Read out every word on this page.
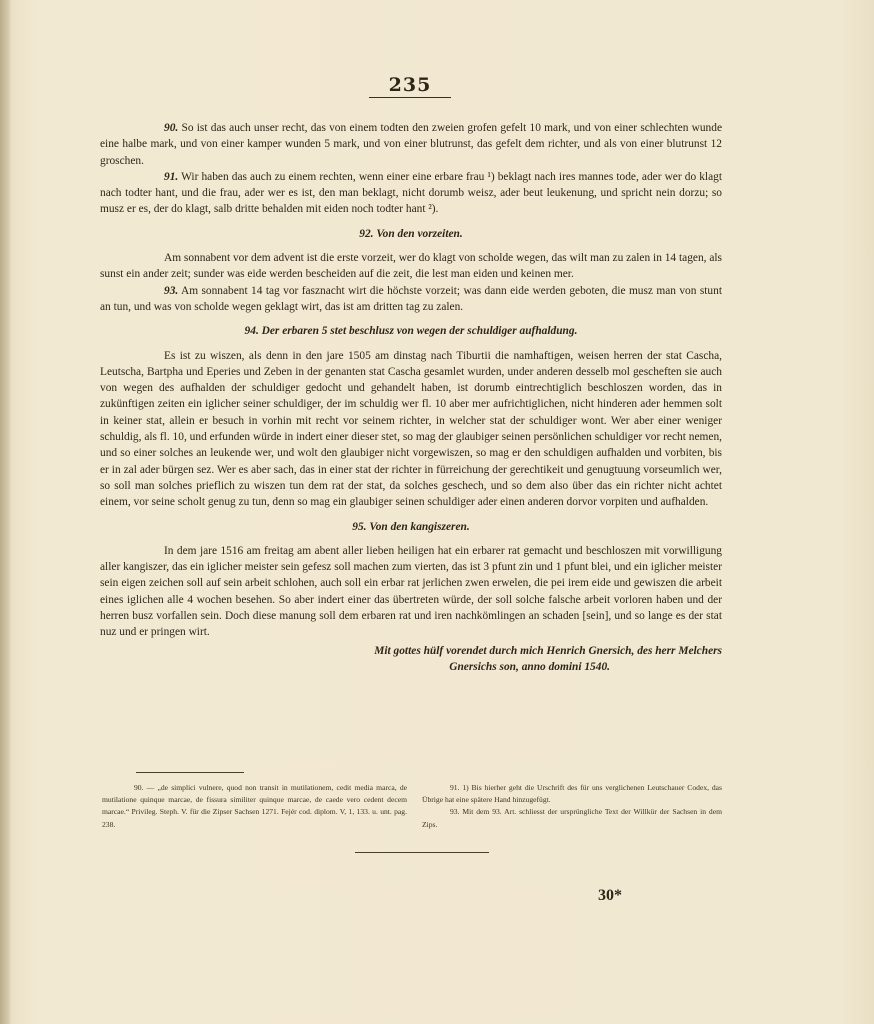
235

90. So ist das auch unser recht, das von einem todten den zweien grofen gefelt 10 mark, und von einer schlechten wunde eine halbe mark, und von einer kamper wunden 5 mark, und von einer blutrunst, das gefelt dem richter, und als von einer blutrunst 12 groschen.

91. Wir haben das auch zu einem rechten, wenn einer eine erbare frau ¹) beklagt nach ires mannes tode, ader wer do klagt nach todter hant, und die frau, ader wer es ist, den man beklagt, nicht dorumb weisz, ader beut leukenung, und spricht nein dorzu; so musz er es, der do klagt, salb dritte behalden mit eiden noch todter hant ²).

92. Von den vorzeiten.

Am sonnabent vor dem advent ist die erste vorzeit, wer do klagt von scholde wegen, das wilt man zu zalen in 14 tagen, als sunst ein ander zeit; sunder was eide werden bescheiden auf die zeit, die lest man eiden und keinen mer.

93. Am sonnabent 14 tag vor fasznacht wirt die höchste vorzeit; was dann eide werden geboten, die musz man von stunt an tun, und was von scholde wegen geklagt wirt, das ist am dritten tag zu zalen.

94. Der erbaren 5 stet beschlusz von wegen der schuldiger aufhaldung.

Es ist zu wiszen, als denn in den jare 1505 am dinstag nach Tiburtii die namhaftigen, weisen herren der stat Cascha, Leutscha, Bartpha und Eperies und Zeben in der genanten stat Cascha gesamlet wurden, under anderen desselb mol gescheften sie auch von wegen des aufhalden der schuldiger gedocht und gehandelt haben, ist dorumb eintrechtiglich beschloszen worden, das in zukünftigen zeiten ein iglicher seiner schuldiger, der im schuldig wer fl. 10 aber mer aufrichtiglichen, nicht hinderen ader hemmen solt in keiner stat, allein er besuch in vorhin mit recht vor seinem richter, in welcher stat der schuldiger wont. Wer aber einer weniger schuldig, als fl. 10, und erfunden würde in indert einer dieser stet, so mag der glaubiger seinen persönlichen schuldiger vor recht nemen, und so einer solches an leukende wer, und wolt den glaubiger nicht vorgewiszen, so mag er den schuldigen aufhalden und vorbiten, bis er in zal ader bürgen sez. Wer es aber sach, das in einer stat der richter in fürreichung der gerechtikeit und genugtuung vorseumlich wer, so soll man solches prieflich zu wiszen tun dem rat der stat, da solches geschech, und so dem also über das ein richter nicht achtet einem, vor seine scholt genug zu tun, denn so mag ein glaubiger seinen schuldiger ader einen anderen dorvor vorpiten und aufhalden.

95. Von den kangiszeren.

In dem jare 1516 am freitag am abent aller lieben heiligen hat ein erbarer rat gemacht und beschloszen mit vorwilligung aller kangiszer, das ein iglicher meister sein gefesz soll machen zum vierten, das ist 3 pfunt zin und 1 pfunt blei, und ein iglicher meister sein eigen zeichen soll auf sein arbeit schlohen, auch soll ein erbar rat jerlichen zwen erwelen, die pei irem eide und gewiszen die arbeit eines iglichen alle 4 wochen besehen. So aber indert einer das übertreten würde, der soll solche falsche arbeit vorloren haben und der herren busz vorfallen sein. Doch diese manung soll dem erbaren rat und iren nachkömlingen an schaden [sein], und so lange es der stat nuz und er pringen wirt.

Mit gottes hülf vorendet durch mich Henrich Gnersich, des herr Melchers
Gnersichs son, anno domini 1540.

90. — „de simplici vulnere, quod non transit in mutilationem, cedit media marca, de mutilatione quinque marcae, de fissura similiter quinque marcae, de caede vero cedent decem marcae.“ Privileg. Steph. V. für die Zipser Sachsen 1271. Fejér cod. diplom. V, 1, 133. u. unt. pag. 238.

91. 1) Bis hierher geht die Urschrift des für uns verglichenen Leutschauer Codex, das Übrige hat eine spätere Hand hinzugefügt.

93. Mit dem 93. Art. schliesst der ursprüngliche Text der Willkür der Sachsen in dem Zips.

30*
